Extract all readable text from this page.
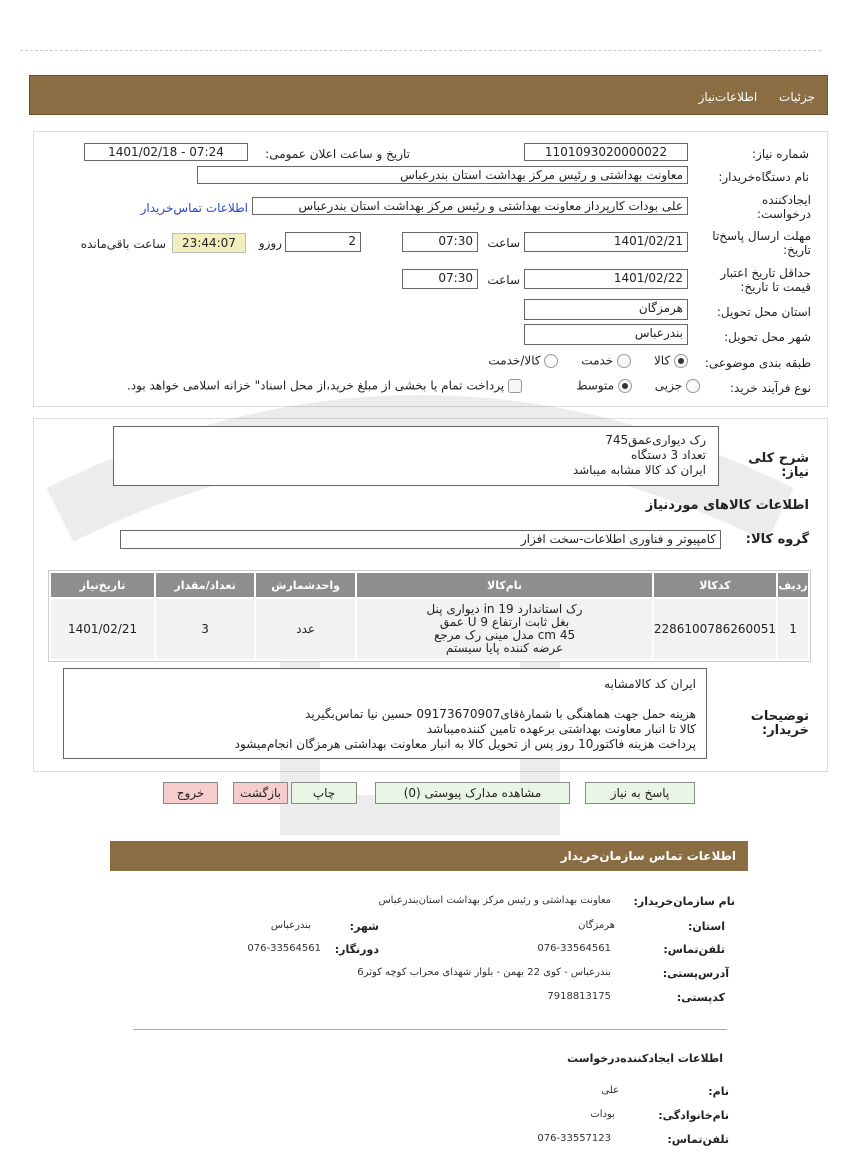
جزئیات اطلاعات‌نیاز
شماره نیاز:
1101093020000022
تاریخ و ساعت اعلان عمومی:
1401/02/18 - 07:24
نام دستگاه‌خریدار:
معاونت بهداشتی و رئیس مرکز بهداشت استان بندرعباس
ایجادکننده درخواست:
علی بودات کارپرداز معاونت بهداشتی و رئیس مرکز بهداشت استان بندرعباس
اطلاعات تماس‌خریدار
مهلت ارسال پاسخ‌تا تاریخ:
1401/02/21
ساعت
07:30
2
روزو
23:44:07
ساعت باقی‌مانده
حداقل تاریخ اعتبار قیمت تا تاریخ:
1401/02/22
ساعت
07:30
استان محل تحویل:
هرمزگان
شهر محل تحویل:
بندرعباس
طبقه بندی موضوعی:
کالا       خدمت       کالا/خدمت
نوع فرآیند خرید:
جزیی       متوسط
پرداخت تمام یا بخشی از مبلغ خرید،از محل اسناد" خزانه اسلامی خواهد بود.
شرح کلی نیاز:
رک دیواری‌عمق745
تعداد 3 دستگاه
ایران کد کالا مشابه میباشد
اطلاعات کالاهای موردنیاز
گروه کالا:
کامپیوتر و فناوری اطلاعات-سخت افزار
ردیف	کدکالا	نام‌کالا	واحدشمارش	تعداد/مقدار	تاریخ‌نیاز
1	2286100786260051	رک استاندارد 19 in دیواری پنل
بغل ثابت ارتفاع 9 U عمق
45 cm مدل مینی رک مرجع
عرضه کننده پایا سیستم	عدد	3	1401/02/21
توضیحات خریدار:
ایران کد کالامشابه
هزینه حمل جهت هماهنگی با شمارۀقای09173670907 حسین نیا تماس‌بگیرید
کالا تا انبار معاونت بهداشتی بر‌عهده تامین کننده‌میباشد
پرداخت هزینه فاکتور10 روز پس از تحویل کالا به انبار معاونت بهداشتی هرمزگان انجام‌میشود
پاسخ به نیاز
مشاهده مدارک پیوستی (0)
چاپ
بازگشت
خروج
اطلاعات تماس سازمان‌خریدار
نام سازمان‌خریدار:
معاونت بهداشتی و رئیس مرکز بهداشت استان‌بندرعباس
استان:
هرمزگان
شهر:
بندرعباس
تلفن‌تماس:
076-33564561
دورنگار:
076-33564561
آدرس‌پستی:
بندرعباس - کوی 22 بهمن - بلوار شهدای محراب کوچه کوثر6
کدپستی:
7918813175
اطلاعات ایجادکننده‌درخواست
نام:
علی
نام‌خانوادگی:
بودات
تلفن‌تماس:
076-33557123
